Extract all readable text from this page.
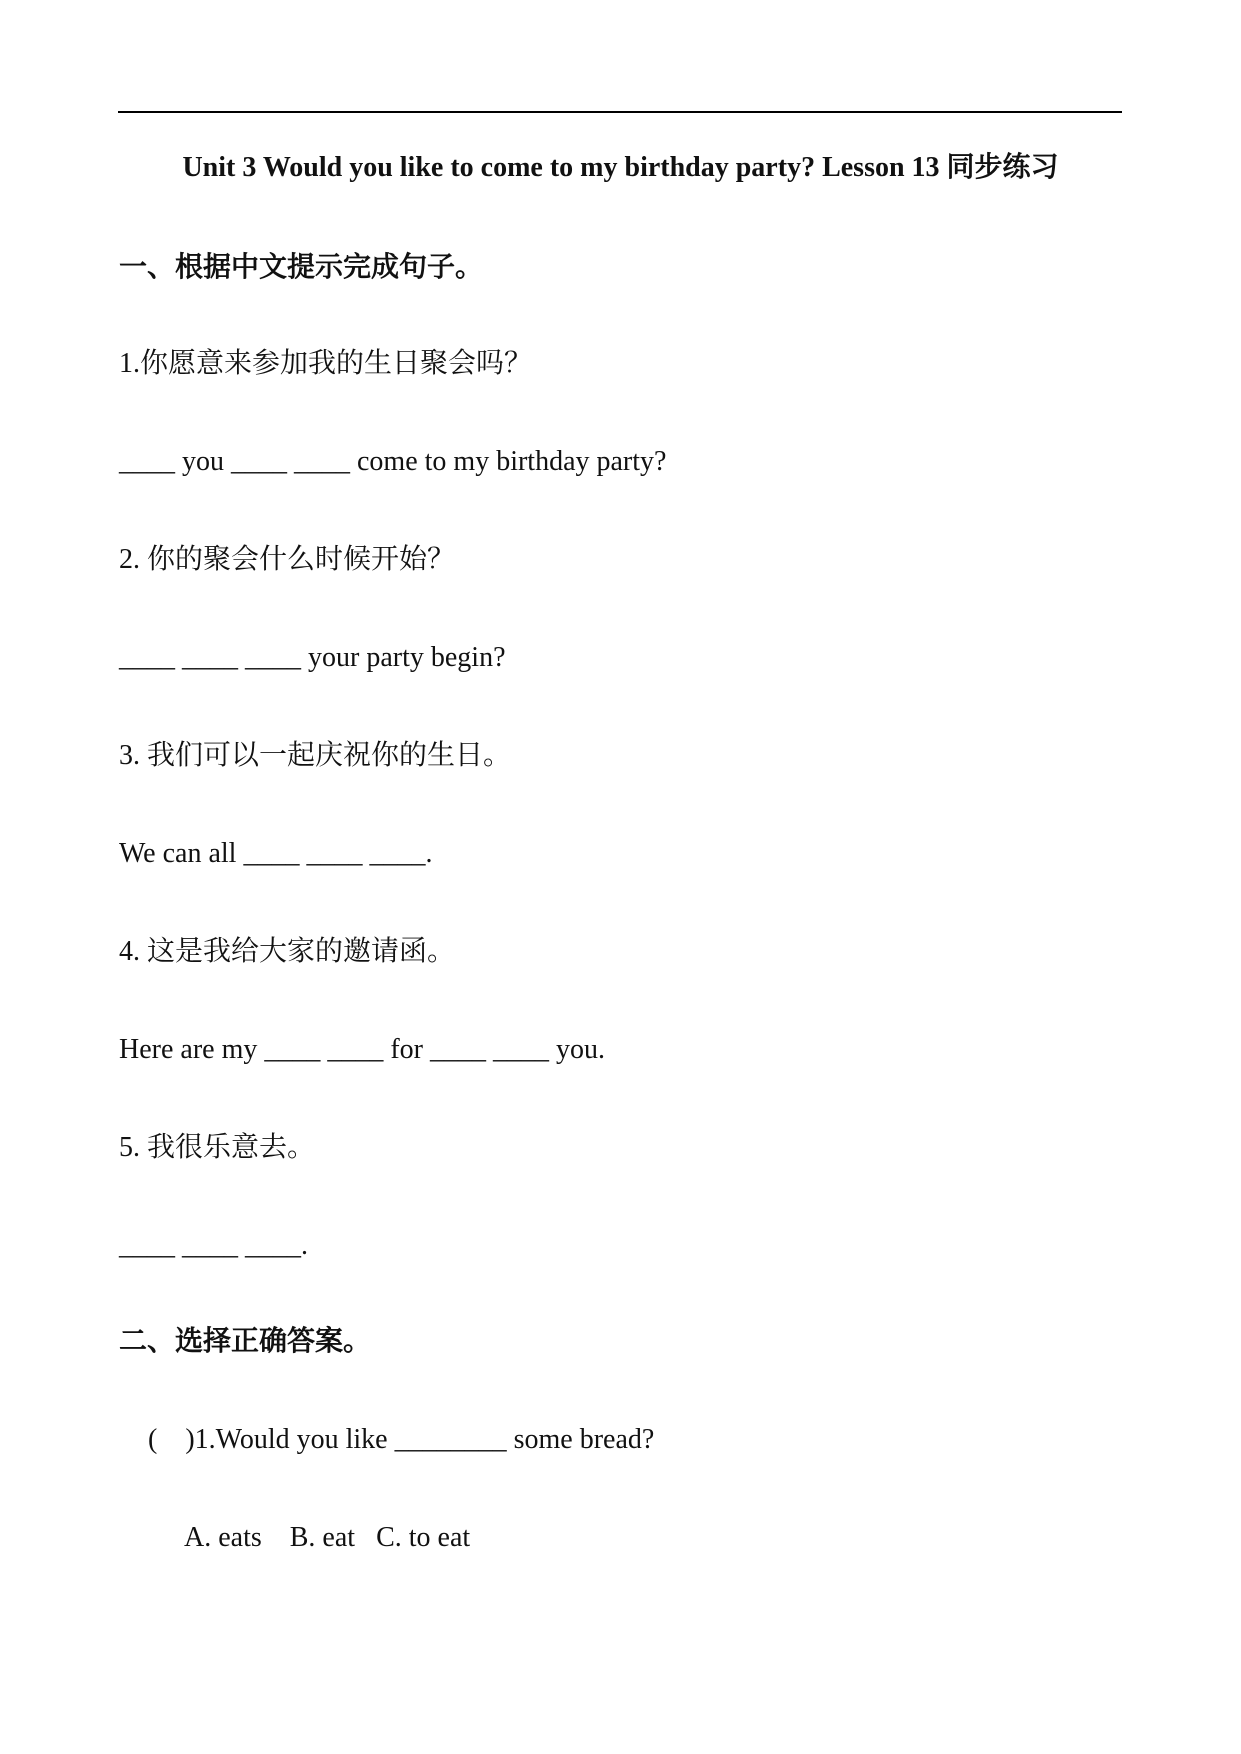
Unit 3 Would you like to come to my birthday party? Lesson 13 同步练习
一、根据中文提示完成句子。
1.你愿意来参加我的生日聚会吗？
____ you ____ ____ come to my birthday party?
2. 你的聚会什么时候开始？
____ ____ ____ your party begin?
3. 我们可以一起庆祝你的生日。
We can all ____ ____ ____.
4. 这是我给大家的邀请函。
Here are my ____ ____ for ____ ____ you.
5. 我很乐意去。
____ ____ ____.
二、选择正确答案。
(    )1.Would you like ________ some bread?
A. eats    B. eat   C. to eat
